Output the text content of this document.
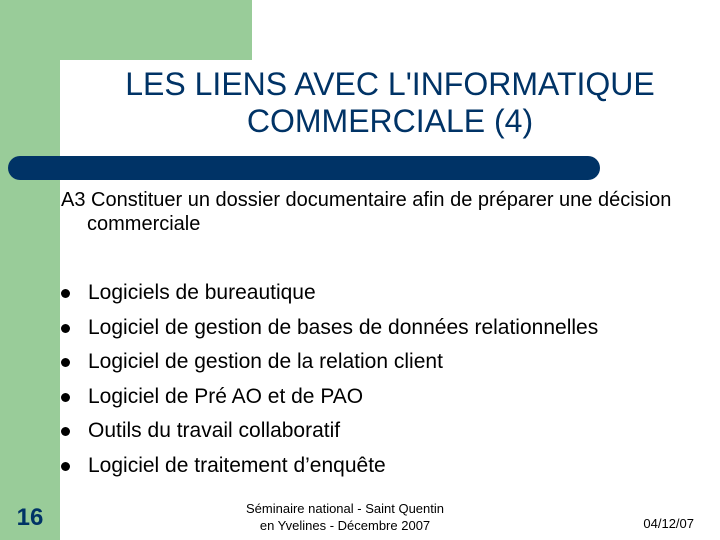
LES LIENS AVEC L'INFORMATIQUE
COMMERCIALE (4)
A3 Constituer un dossier documentaire afin de préparer une décision commerciale
Logiciels de bureautique
Logiciel de gestion de bases de données relationnelles
Logiciel de gestion de la relation client
Logiciel de Pré AO et de PAO
Outils du travail collaboratif
Logiciel de traitement d’enquête
16	Séminaire national - Saint Quentin
en Yvelines - Décembre 2007	04/12/07
